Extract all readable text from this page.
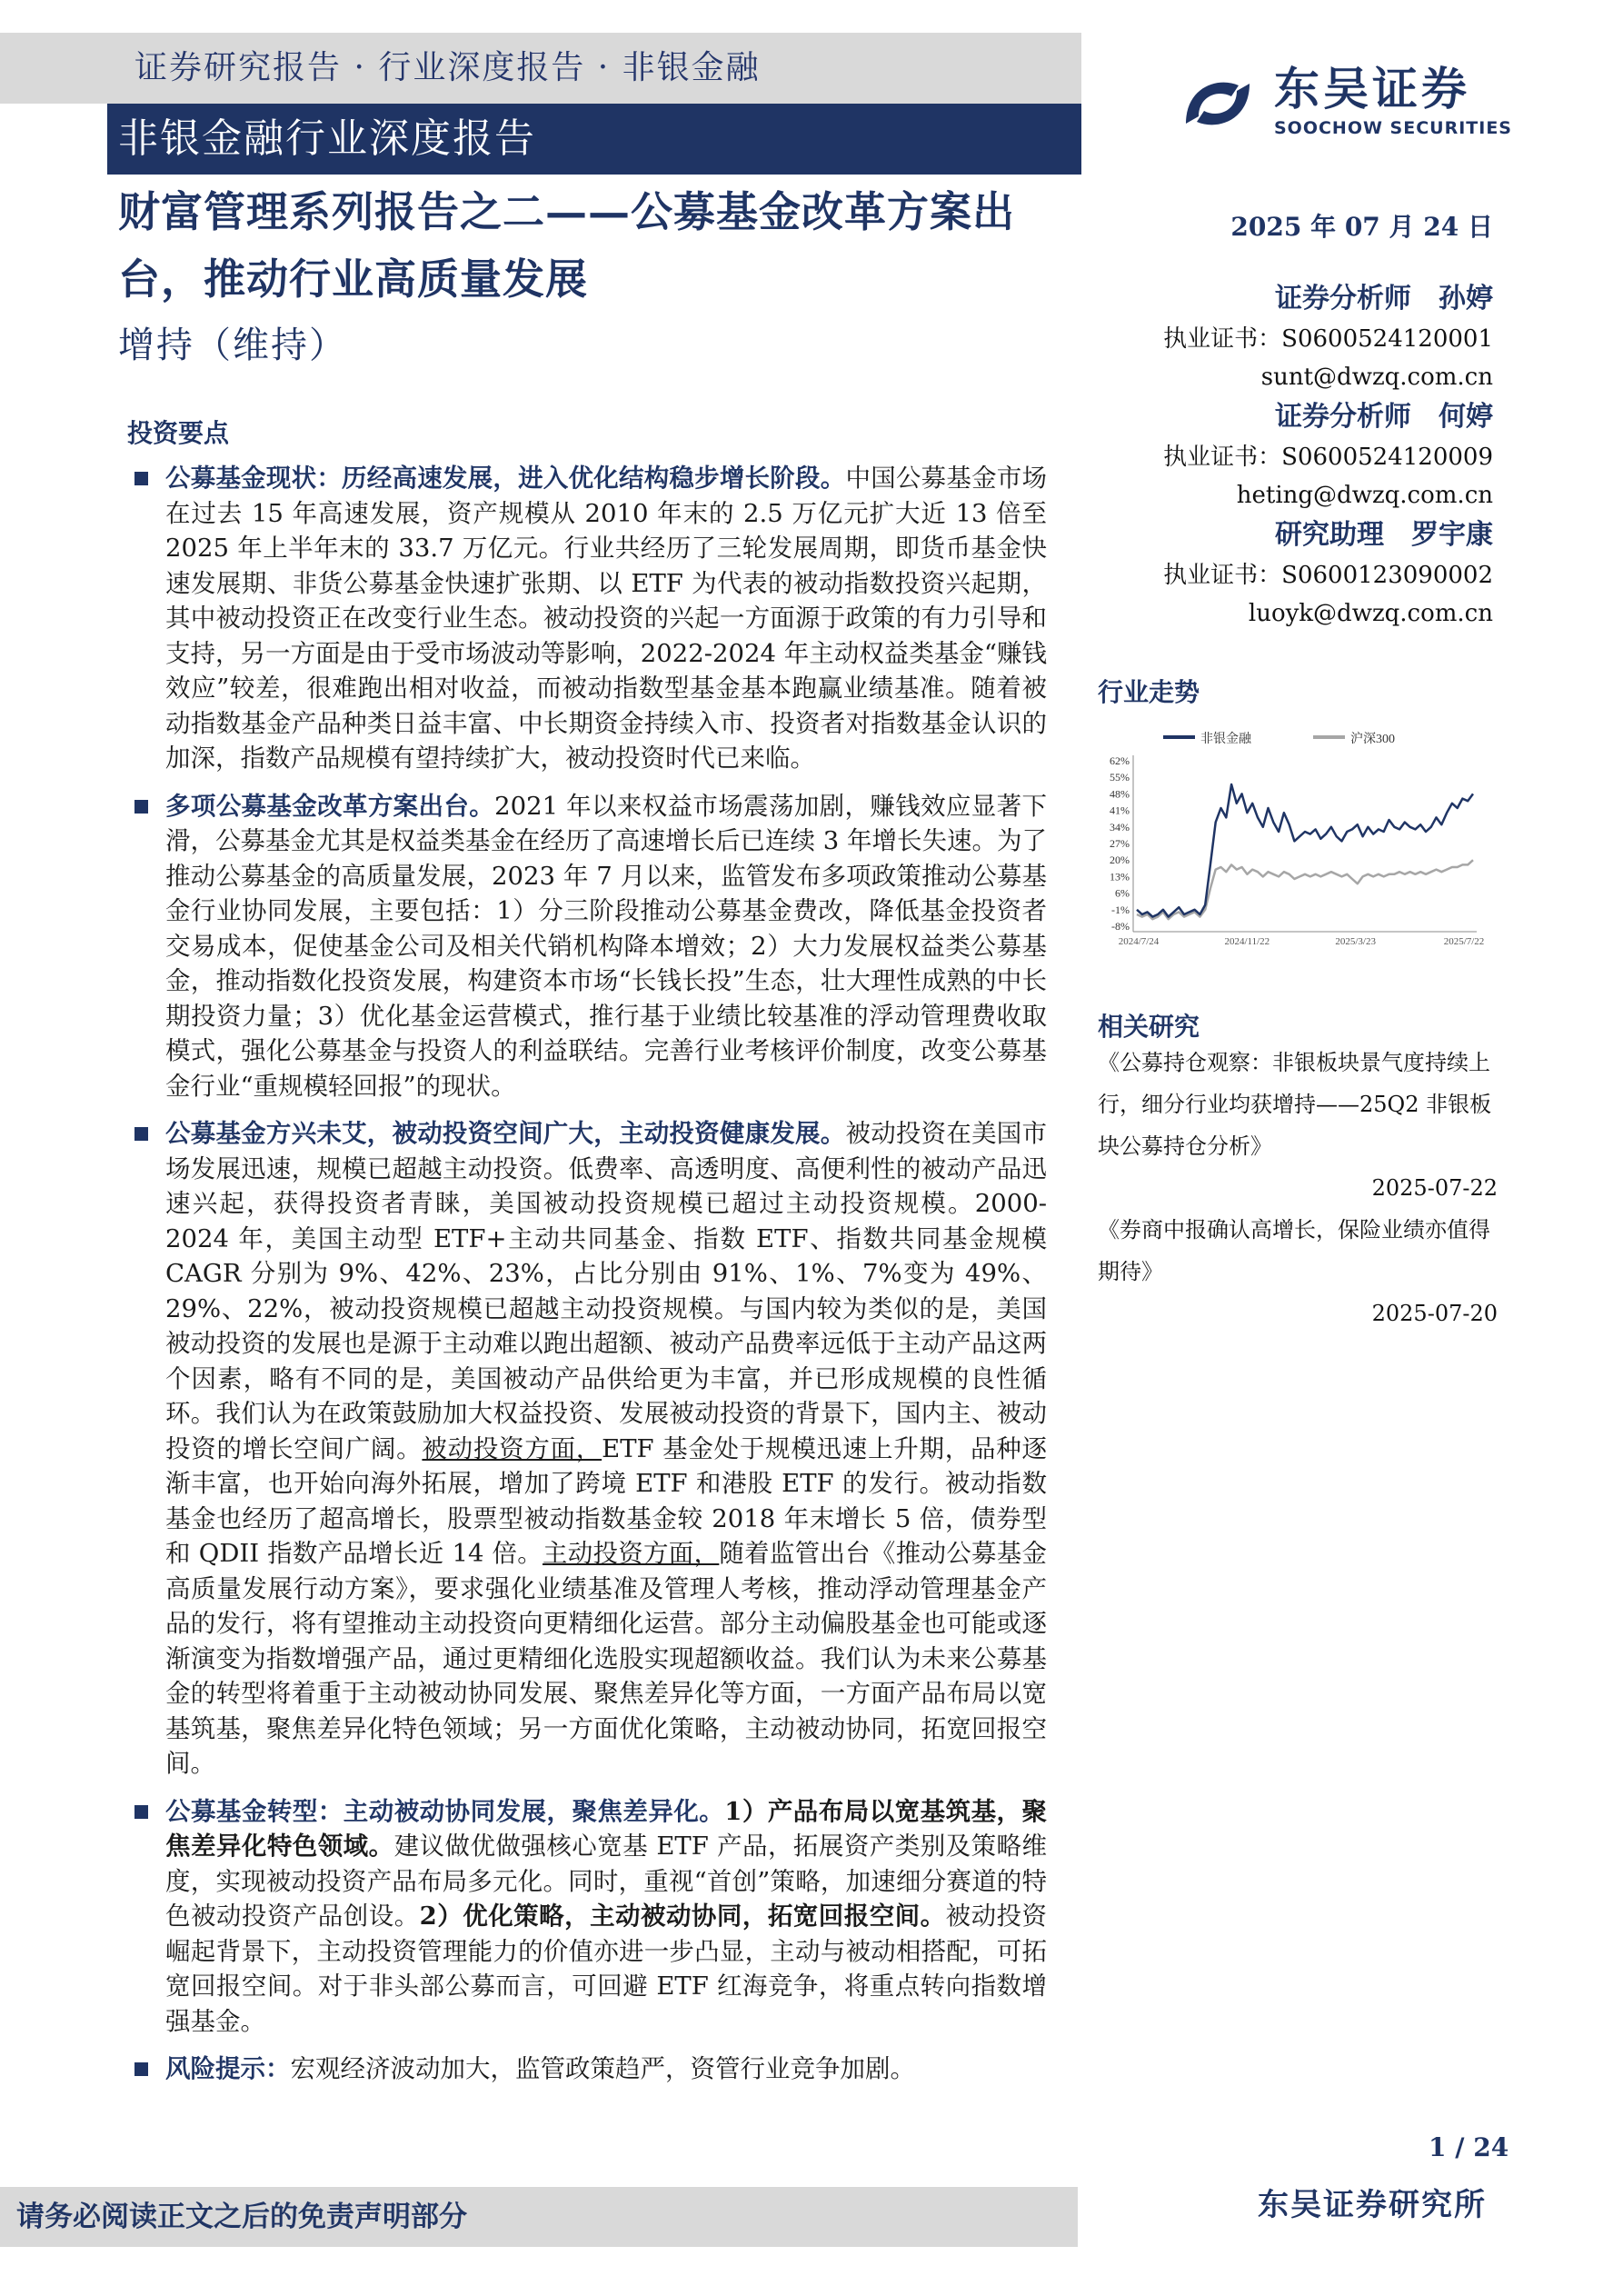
证券研究报告 · 行业深度报告 · 非银金融
非银金融行业深度报告
东吴证券
SOOCHOW SECURITIES
财富管理系列报告之二——公募基金改革方案出台，推动行业高质量发展
增持（维持）
2025 年 07 月 24 日
证券分析师　孙婷
执业证书：S0600524120001
sunt@dwzq.com.cn
证券分析师　何婷
执业证书：S0600524120009
heting@dwzq.com.cn
研究助理　罗宇康
执业证书：S0600123090002
luoyk@dwzq.com.cn
行业走势
非银金融	沪深300
62%
55%
48%
41%
34%
27%
20%
13%
6%
-1%
-8%
2024/7/24	2024/11/22	2025/3/23	2025/7/22
相关研究
《公募持仓观察：非银板块景气度持续上行，细分行业均获增持——25Q2 非银板块公募持仓分析》
2025-07-22
《券商中报确认高增长，保险业绩亦值得期待》
2025-07-20
投资要点
公募基金现状：历经高速发展，进入优化结构稳步增长阶段。中国公募基金市场在过去 15 年高速发展，资产规模从 2010 年末的 2.5 万亿元扩大近 13 倍至 2025 年上半年末的 33.7 万亿元。行业共经历了三轮发展周期，即货币基金快速发展期、非货公募基金快速扩张期、以 ETF 为代表的被动指数投资兴起期，其中被动投资正在改变行业生态。被动投资的兴起一方面源于政策的有力引导和支持，另一方面是由于受市场波动等影响，2022-2024 年主动权益类基金“赚钱效应”较差，很难跑出相对收益，而被动指数型基金基本跑赢业绩基准。随着被动指数基金产品种类日益丰富、中长期资金持续入市、投资者对指数基金认识的加深，指数产品规模有望持续扩大，被动投资时代已来临。
多项公募基金改革方案出台。2021 年以来权益市场震荡加剧，赚钱效应显著下滑，公募基金尤其是权益类基金在经历了高速增长后已连续 3 年增长失速。为了推动公募基金的高质量发展，2023 年 7 月以来，监管发布多项政策推动公募基金行业协同发展，主要包括：1）分三阶段推动公募基金费改，降低基金投资者交易成本，促使基金公司及相关代销机构降本增效；2）大力发展权益类公募基金，推动指数化投资发展，构建资本市场“长钱长投”生态，壮大理性成熟的中长期投资力量；3）优化基金运营模式，推行基于业绩比较基准的浮动管理费收取模式，强化公募基金与投资人的利益联结。完善行业考核评价制度，改变公募基金行业“重规模轻回报”的现状。
公募基金方兴未艾，被动投资空间广大，主动投资健康发展。被动投资在美国市场发展迅速，规模已超越主动投资。低费率、高透明度、高便利性的被动产品迅速兴起，获得投资者青睐，美国被动投资规模已超过主动投资规模。2000-2024 年，美国主动型 ETF+主动共同基金、指数 ETF、指数共同基金规模 CAGR 分别为 9%、42%、23%，占比分别由 91%、1%、7%变为 49%、29%、22%，被动投资规模已超越主动投资规模。与国内较为类似的是，美国被动投资的发展也是源于主动难以跑出超额、被动产品费率远低于主动产品这两个因素，略有不同的是，美国被动产品供给更为丰富，并已形成规模的良性循环。我们认为在政策鼓励加大权益投资、发展被动投资的背景下，国内主、被动投资的增长空间广阔。被动投资方面，ETF 基金处于规模迅速上升期，品种逐渐丰富，也开始向海外拓展，增加了跨境 ETF 和港股 ETF 的发行。被动指数基金也经历了超高增长，股票型被动指数基金较 2018 年末增长 5 倍，债券型和 QDII 指数产品增长近 14 倍。主动投资方面，随着监管出台《推动公募基金高质量发展行动方案》，要求强化业绩基准及管理人考核，推动浮动管理基金产品的发行，将有望推动主动投资向更精细化运营。部分主动偏股基金也可能或逐渐演变为指数增强产品，通过更精细化选股实现超额收益。我们认为未来公募基金的转型将着重于主动被动协同发展、聚焦差异化等方面，一方面产品布局以宽基筑基，聚焦差异化特色领域；另一方面优化策略，主动被动协同，拓宽回报空间。
公募基金转型：主动被动协同发展，聚焦差异化。1）产品布局以宽基筑基，聚焦差异化特色领域。建议做优做强核心宽基 ETF 产品，拓展资产类别及策略维度，实现被动投资产品布局多元化。同时，重视“首创”策略，加速细分赛道的特色被动投资产品创设。2）优化策略，主动被动协同，拓宽回报空间。被动投资崛起背景下，主动投资管理能力的价值亦进一步凸显，主动与被动相搭配，可拓宽回报空间。对于非头部公募而言，可回避 ETF 红海竞争，将重点转向指数增强基金。
风险提示：宏观经济波动加大，监管政策趋严，资管行业竞争加剧。
1 / 24
请务必阅读正文之后的免责声明部分	东吴证券研究所
